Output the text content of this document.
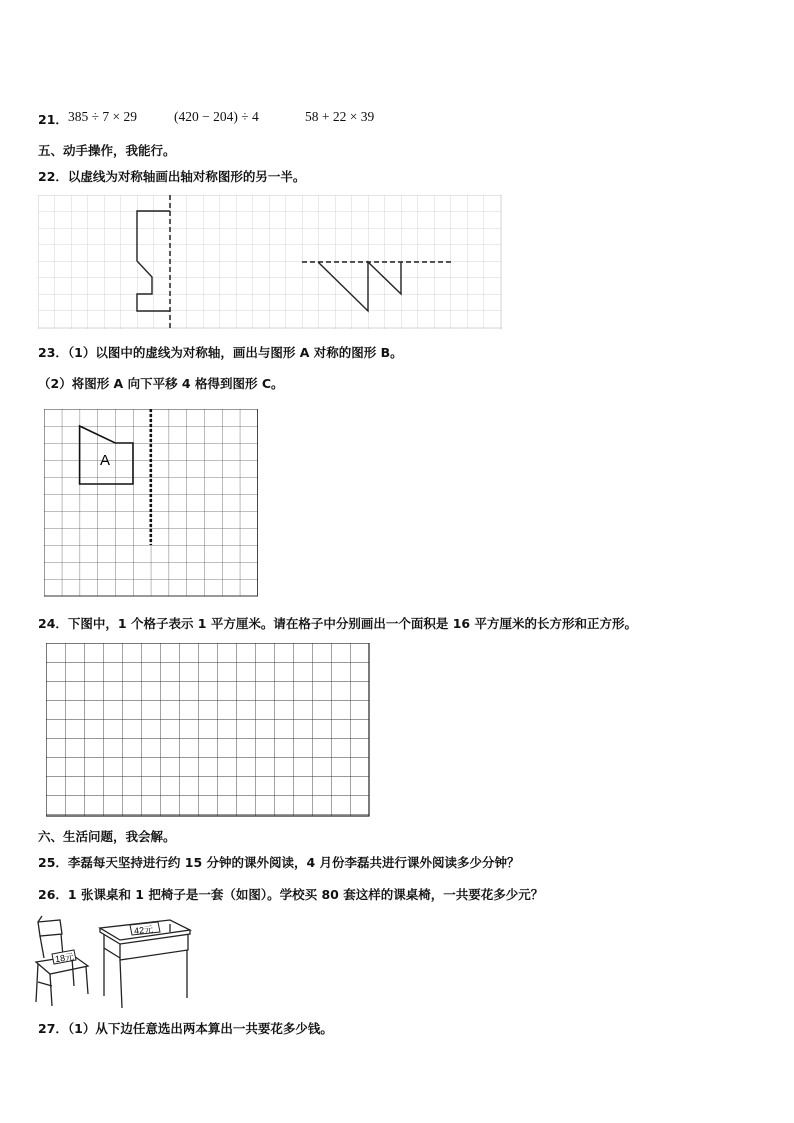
21． 385 ÷ 7 × 29	(420 − 204) ÷ 4	58 + 22 × 39
五、动手操作，我能行。
22．以虚线为对称轴画出轴对称图形的另一半。
23．（1）以图中的虚线为对称轴，画出与图形 A 对称的图形 B。
（2）将图形 A 向下平移 4 格得到图形 C。
A
24．下图中，1 个格子表示 1 平方厘米。请在格子中分别画出一个面积是 16 平方厘米的长方形和正方形。
六、生活问题，我会解。
25．李磊每天坚持进行约 15 分钟的课外阅读，4 月份李磊共进行课外阅读多少分钟？
26．1 张课桌和 1 把椅子是一套（如图）。学校买 80 套这样的课桌椅，一共要花多少元？
18元
42元
27．（1）从下边任意选出两本算出一共要花多少钱。
